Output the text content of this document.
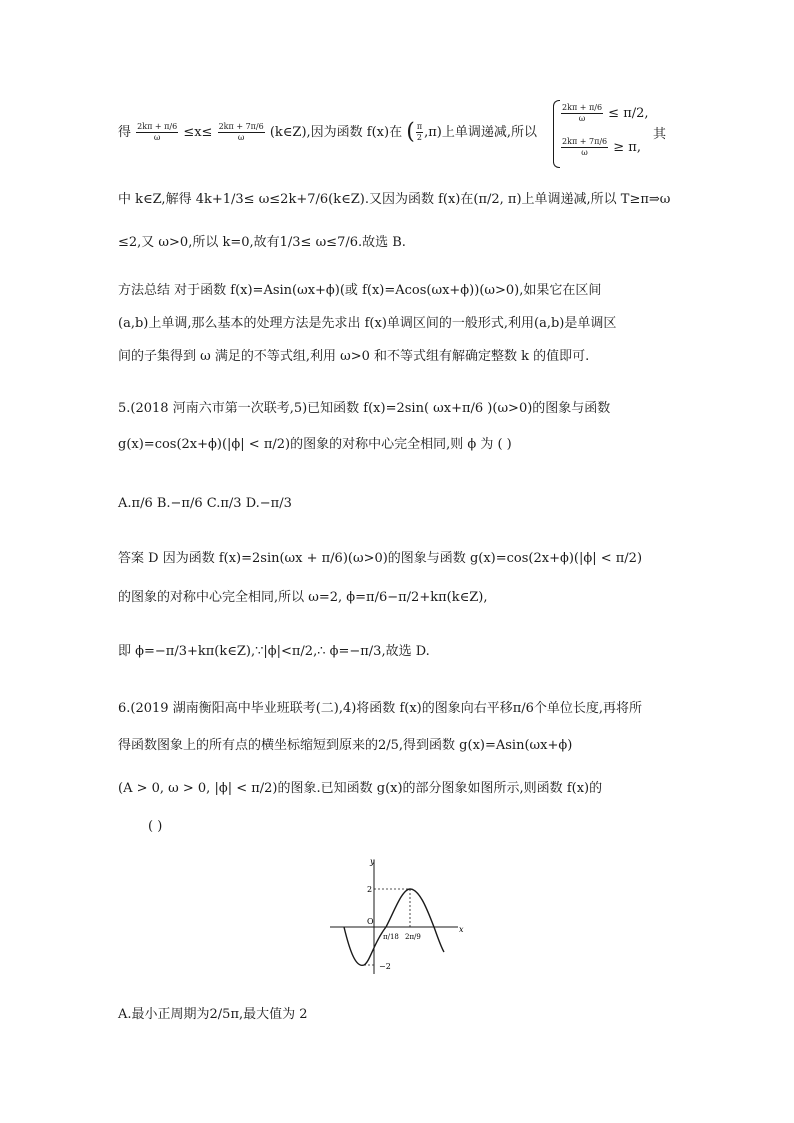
得 $\frac{2k\pi + \pi/6}{\omega} \le x\le \frac{2k\pi + 7\pi/6}{\omega}$ (k∈Z),因为函数 f(x)在 ( $\frac{\pi}{2} ,\pi$)上单调递减,所以
$\frac{2k\pi + \pi/6}{\omega} \le \pi/2$,
$\frac{2k\pi + 7\pi/6}{\omega} \ge \pi$,
其
中 k∈Z,解得 4k+1/3≤ ω≤2k+7/6(k∈Z).又因为函数 f(x)在(π/2, π)上单调递减,所以 T≥π⇒ω
≤2,又 ω>0,所以 k=0,故有1/3≤ ω≤7/6.故选 B.
方法总结 对于函数 f(x)=Asin(ωx+ϕ)(或 f(x)=Acos(ωx+ϕ))(ω>0),如果它在区间
(a,b)上单调,那么基本的处理方法是先求出 f(x)单调区间的一般形式,利用(a,b)是单调区
间的子集得到 ω 满足的不等式组,利用 ω>0 和不等式组有解确定整数 k 的值即可.
5.(2018 河南六市第一次联考,5)已知函数 f(x)=2sin( ωx+π/6 )(ω>0)的图象与函数
g(x)=cos(2x+ϕ)(|ϕ| < π/2)的图象的对称中心完全相同,则 ϕ 为 ( )
A.π/6 B.−π/6 C.π/3 D.−π/3
答案 D 因为函数 f(x)=2sin(ωx + π/6)(ω>0)的图象与函数 g(x)=cos(2x+ϕ)(|ϕ| < π/2)
的图象的对称中心完全相同,所以 ω=2, ϕ=π/6−π/2+kπ(k∈Z),
即 ϕ=−π/3+kπ(k∈Z),∵|ϕ|<π/2,∴ ϕ=−π/3,故选 D.
6.(2019 湖南衡阳高中毕业班联考(二),4)将函数 f(x)的图象向右平移π/6个单位长度,再将所
得函数图象上的所有点的横坐标缩短到原来的2/5,得到函数 g(x)=Asin(ωx+ϕ)
(A > 0, ω > 0, |ϕ| < π/2)的图象.已知函数 g(x)的部分图象如图所示,则函数 f(x)的
( )
y
x
O
2
−2
π/18 2π/9
A.最小正周期为2/5π,最大值为 2
